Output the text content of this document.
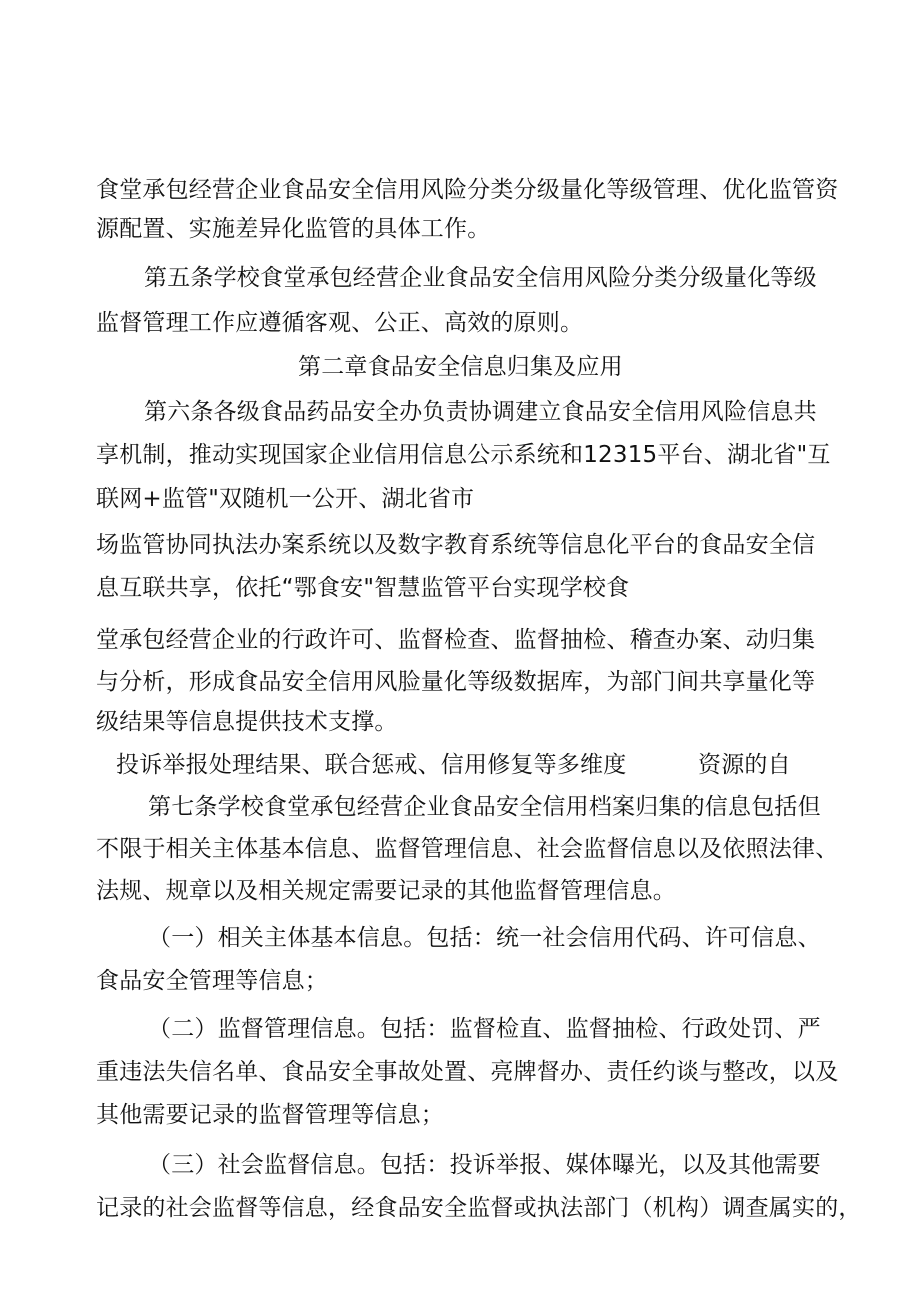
食堂承包经营企业食品安全信用风险分类分级量化等级管理、优化监管资

源配置、实施差异化监管的具体工作。

第五条学校食堂承包经营企业食品安全信用风险分类分级量化等级

监督管理工作应遵循客观、公正、高效的原则。

第二章食品安全信息归集及应用

第六条各级食品药品安全办负责协调建立食品安全信用风险信息共

享机制，推动实现国家企业信用信息公示系统和12315平台、湖北省"互

联网+监管"双随机一公开、湖北省市

场监管协同执法办案系统以及数字教育系统等信息化平台的食品安全信

息互联共享，依托“鄂食安"智慧监管平台实现学校食

堂承包经营企业的行政许可、监督检查、监督抽检、稽查办案、动归集

与分析，形成食品安全信用风脸量化等级数据库，为部门间共享量化等

级结果等信息提供技术支撑。

投诉举报处理结果、联合惩戒、信用修复等多维度	资源的自

第七条学校食堂承包经营企业食品安全信用档案归集的信息包括但

不限于相关主体基本信息、监督管理信息、社会监督信息以及依照法律、

法规、规章以及相关规定需要记录的其他监督管理信息。

（一）相关主体基本信息。包括：统一社会信用代码、许可信息、

食品安全管理等信息；

（二）监督管理信息。包括：监督检直、监督抽检、行政处罚、严

重违法失信名单、食品安全事故处置、亮牌督办、责任约谈与整改，以及

其他需要记录的监督管理等信息；

（三）社会监督信息。包括：投诉举报、媒体曝光，以及其他需要

记录的社会监督等信息，经食品安全监督或执法部门（机构）调查属实的，
